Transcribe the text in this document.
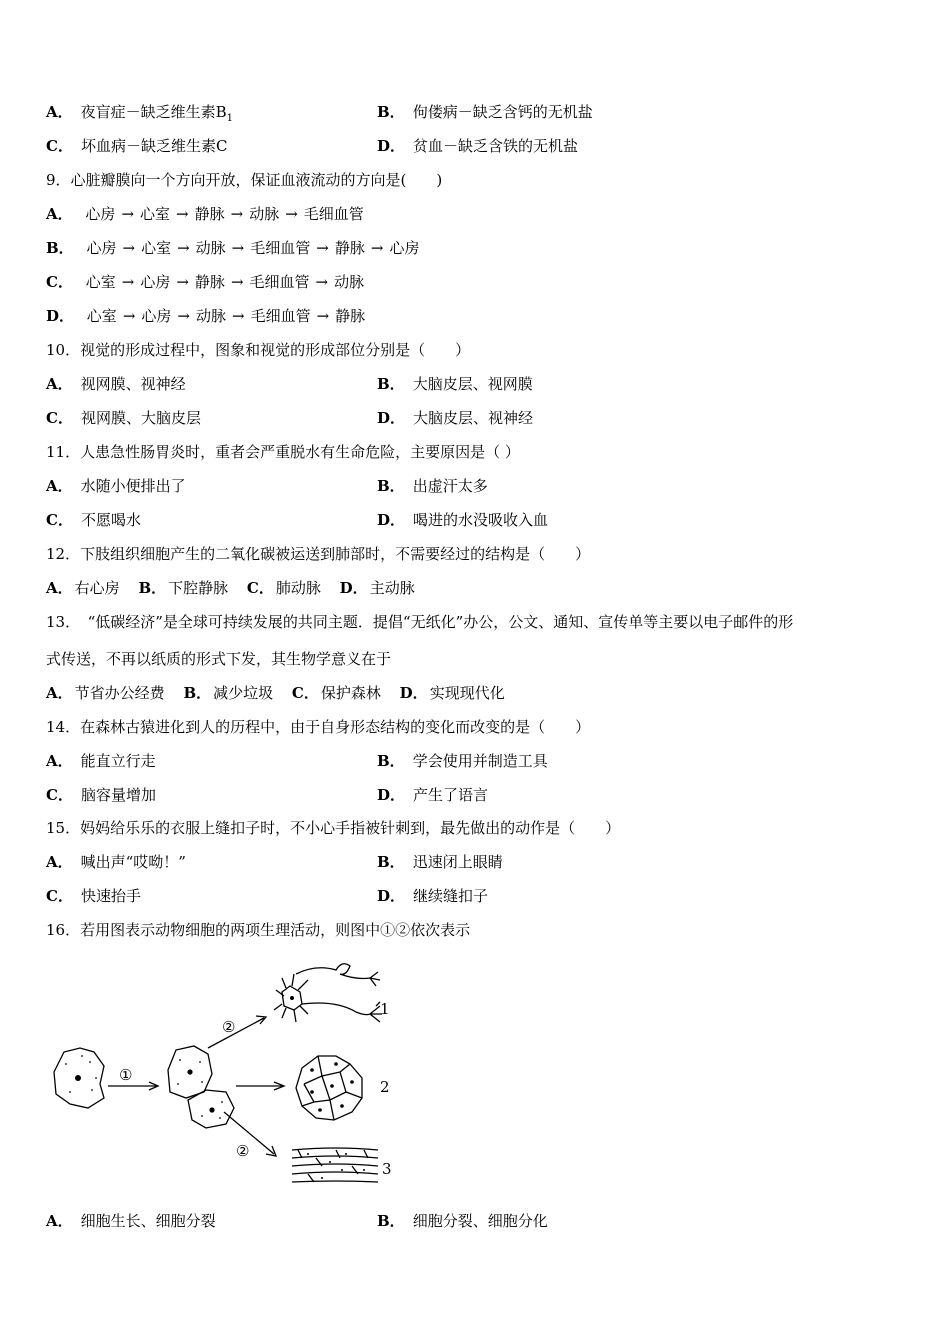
A． 夜盲症－缺乏维生素$B_1$	B． 佝偻病－缺乏含钙的无机盐
C． 坏血病－缺乏维生素C	D． 贫血－缺乏含铁的无机盐
9．心脏瓣膜向一个方向开放，保证血液流动的方向是(　　)
A． 心房 → 心室 → 静脉 → 动脉 → 毛细血管
B． 心房 → 心室 → 动脉 → 毛细血管 → 静脉 → 心房
C． 心室 → 心房 → 静脉 → 毛细血管 → 动脉
D． 心室 → 心房 → 动脉 → 毛细血管 → 静脉
10．视觉的形成过程中，图象和视觉的形成部位分别是（　　）
A． 视网膜、视神经	B． 大脑皮层、视网膜
C． 视网膜、大脑皮层	D． 大脑皮层、视神经
11．人患急性肠胃炎时，重者会严重脱水有生命危险，主要原因是（ ）
A． 水随小便排出了	B． 出虚汗太多
C． 不愿喝水	D． 喝进的水没吸收入血
12．下肢组织细胞产生的二氧化碳被运送到肺部时，不需要经过的结构是（　　）
A． 右心房 B． 下腔静脉 C． 肺动脉 D． 主动脉
13．　“低碳经济”是全球可持续发展的共同主题．提倡“无纸化”办公，公文、通知、宣传单等主要以电子邮件的形
式传送，不再以纸质的形式下发，其生物学意义在于
A． 节省办公经费 B． 减少垃圾 C． 保护森林 D． 实现现代化
14．在森林古猿进化到人的历程中，由于自身形态结构的变化而改变的是（　　）
A． 能直立行走	B． 学会使用并制造工具
C． 脑容量增加	D． 产生了语言
15．妈妈给乐乐的衣服上缝扣子时，不小心手指被针刺到，最先做出的动作是（　　）
A． 喊出声“哎呦！”	B． 迅速闭上眼睛
C． 快速抬手	D． 继续缝扣子
16．若用图表示动物细胞的两项生理活动，则图中①②依次表示
①
②
②
1
2
3
A． 细胞生长、细胞分裂	B． 细胞分裂、细胞分化
